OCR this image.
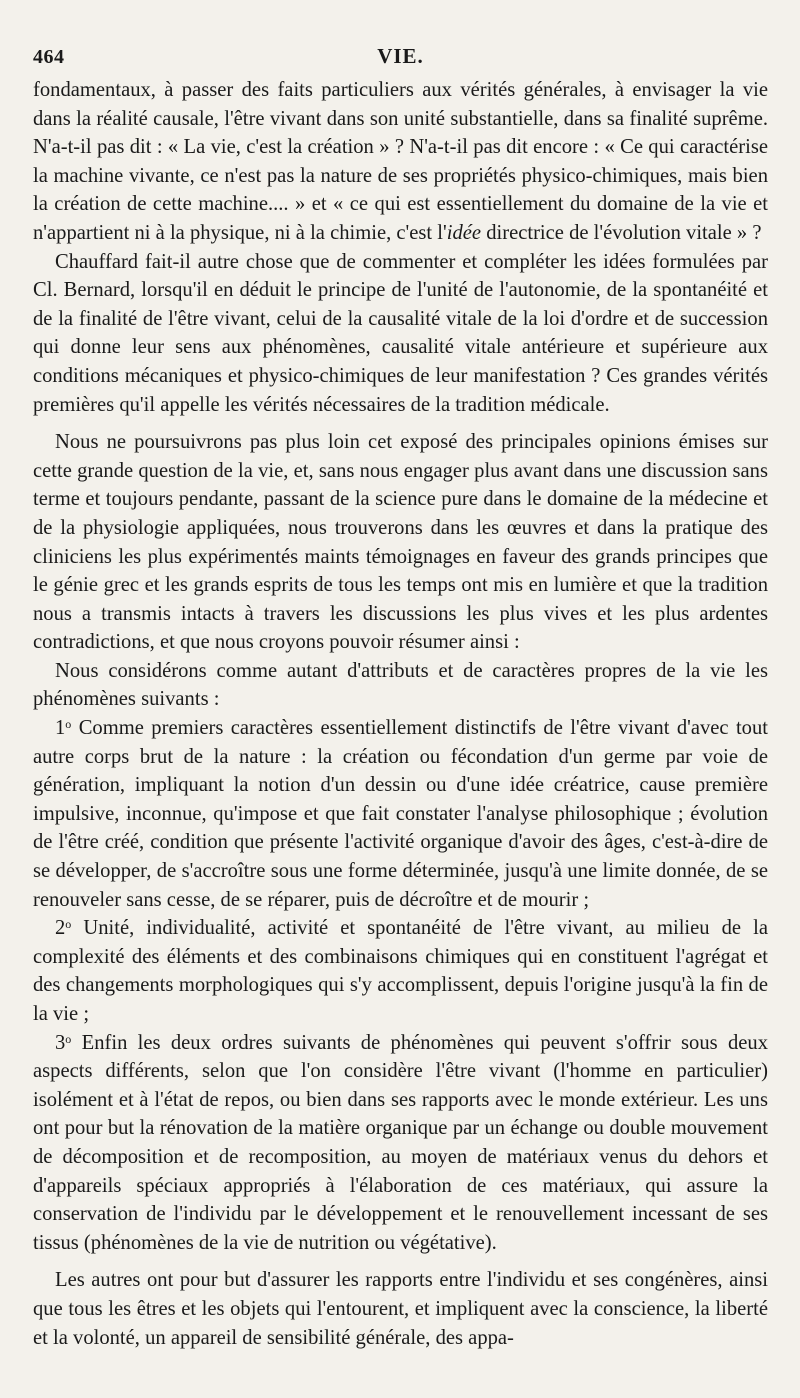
464	VIE.

fondamentaux, à passer des faits particuliers aux vérités générales, à envisager la vie dans la réalité causale, l'être vivant dans son unité substantielle, dans sa finalité suprême. N'a-t-il pas dit : « La vie, c'est la création » ? N'a-t-il pas dit encore : « Ce qui caractérise la machine vivante, ce n'est pas la nature de ses propriétés physico-chimiques, mais bien la création de cette machine.... » et « ce qui est essentiellement du domaine de la vie et n'appartient ni à la physique, ni à la chimie, c'est l'idée directrice de l'évolution vitale » ?

Chauffard fait-il autre chose que de commenter et compléter les idées formulées par Cl. Bernard, lorsqu'il en déduit le principe de l'unité de l'autonomie, de la spontanéité et de la finalité de l'être vivant, celui de la causalité vitale de la loi d'ordre et de succession qui donne leur sens aux phénomènes, causalité vitale antérieure et supérieure aux conditions mécaniques et physico-chimiques de leur manifestation ? Ces grandes vérités premières qu'il appelle les vérités nécessaires de la tradition médicale.

Nous ne poursuivrons pas plus loin cet exposé des principales opinions émises sur cette grande question de la vie, et, sans nous engager plus avant dans une discussion sans terme et toujours pendante, passant de la science pure dans le domaine de la médecine et de la physiologie appliquées, nous trouverons dans les œuvres et dans la pratique des cliniciens les plus expérimentés maints témoignages en faveur des grands principes que le génie grec et les grands esprits de tous les temps ont mis en lumière et que la tradition nous a transmis intacts à travers les discussions les plus vives et les plus ardentes contradictions, et que nous croyons pouvoir résumer ainsi :

Nous considérons comme autant d'attributs et de caractères propres de la vie les phénomènes suivants :

1$^o$ Comme premiers caractères essentiellement distinctifs de l'être vivant d'avec tout autre corps brut de la nature : la création ou fécondation d'un germe par voie de génération, impliquant la notion d'un dessin ou d'une idée créatrice, cause première impulsive, inconnue, qu'impose et que fait constater l'analyse philosophique ; évolution de l'être créé, condition que présente l'activité organique d'avoir des âges, c'est-à-dire de se développer, de s'accroître sous une forme déterminée, jusqu'à une limite donnée, de se renouveler sans cesse, de se réparer, puis de décroître et de mourir ;

2$^o$ Unité, individualité, activité et spontanéité de l'être vivant, au milieu de la complexité des éléments et des combinaisons chimiques qui en constituent l'agrégat et des changements morphologiques qui s'y accomplissent, depuis l'origine jusqu'à la fin de la vie ;

3$^o$ Enfin les deux ordres suivants de phénomènes qui peuvent s'offrir sous deux aspects différents, selon que l'on considère l'être vivant (l'homme en particulier) isolément et à l'état de repos, ou bien dans ses rapports avec le monde extérieur. Les uns ont pour but la rénovation de la matière organique par un échange ou double mouvement de décomposition et de recomposition, au moyen de matériaux venus du dehors et d'appareils spéciaux appropriés à l'élaboration de ces matériaux, qui assure la conservation de l'individu par le développement et le renouvellement incessant de ses tissus (phénomènes de la vie de nutrition ou végétative).

Les autres ont pour but d'assurer les rapports entre l'individu et ses congénères, ainsi que tous les êtres et les objets qui l'entourent, et impliquent avec la conscience, la liberté et la volonté, un appareil de sensibilité générale, des appa-
